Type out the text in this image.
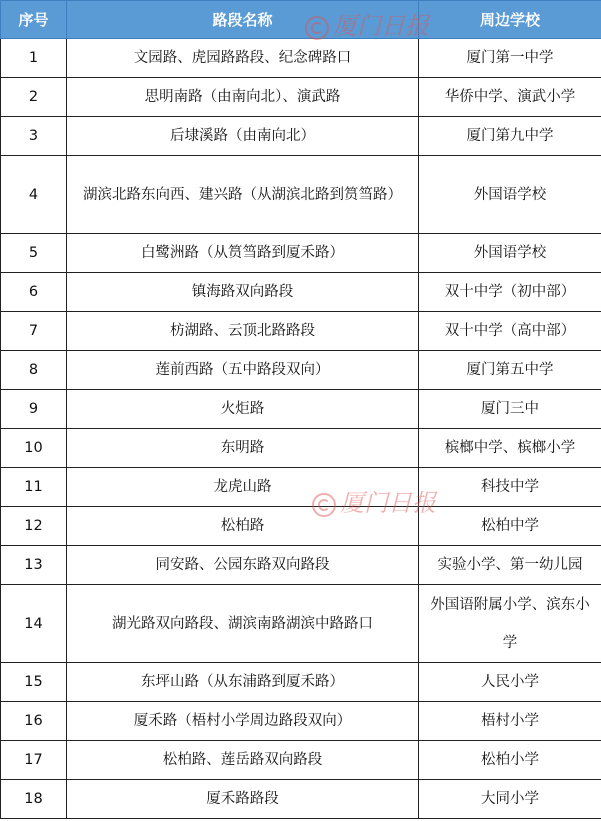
序号	路段名称	周边学校
1	文园路、虎园路路段、纪念碑路口	厦门第一中学
2	思明南路（由南向北）、演武路	华侨中学、演武小学
3	后埭溪路（由南向北）	厦门第九中学
4	湖滨北路东向西、建兴路（从湖滨北路到筼筜路）	外国语学校
5	白鹭洲路（从筼筜路到厦禾路）	外国语学校
6	镇海路双向路段	双十中学（初中部）
7	枋湖路、云顶北路路段	双十中学（高中部）
8	莲前西路（五中路段双向）	厦门第五中学
9	火炬路	厦门三中
10	东明路	槟榔中学、槟榔小学
11	龙虎山路	科技中学
12	松柏路	松柏中学
13	同安路、公园东路双向路段	实验小学、第一幼儿园
14	湖光路双向路段、湖滨南路湖滨中路路口	外国语附属小学、滨东小学
15	东坪山路（从东浦路到厦禾路）	人民小学
16	厦禾路（梧村小学周边路段双向）	梧村小学
17	松柏路、莲岳路双向路段	松柏小学
18	厦禾路路段	大同小学
厦门日报
厦门日报
